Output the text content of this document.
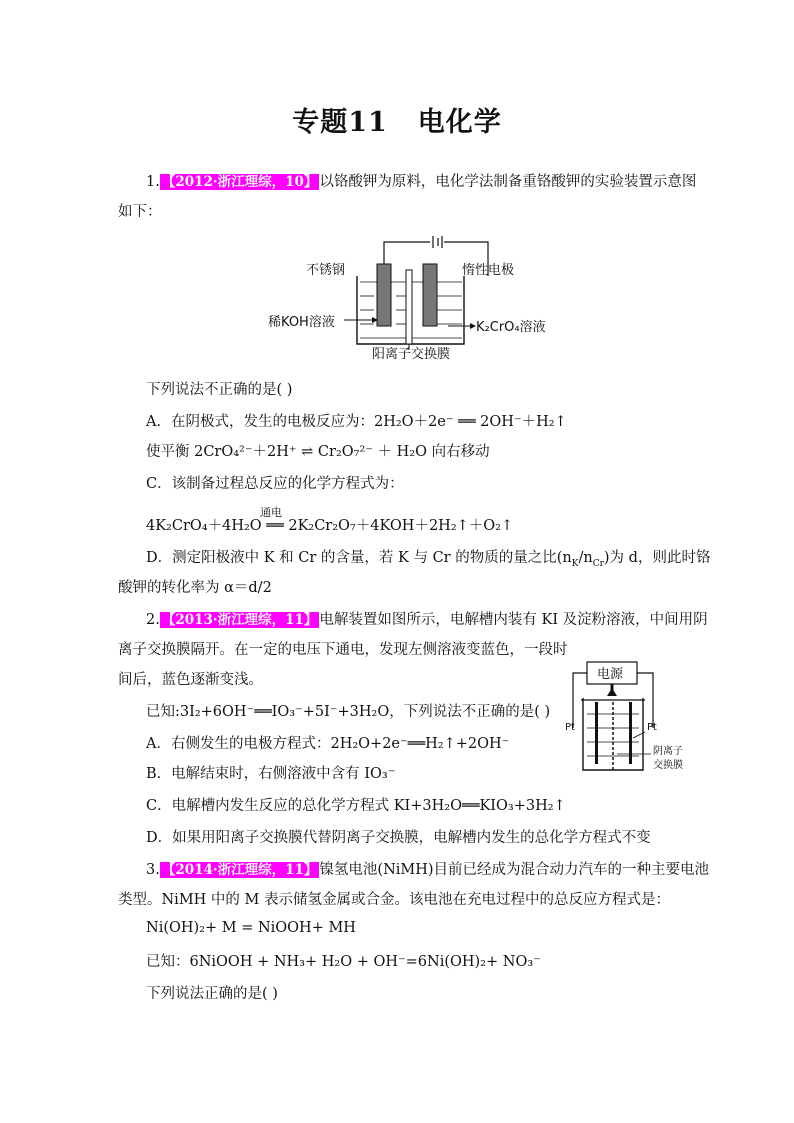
专题11 电化学
1. 【2012·浙江理综，10】 以铬酸钾为原料，电化学法制备重铬酸钾的实验装置示意图
如下：
不锈钢	惰性电极
稀KOH溶液	K₂CrO₄溶液
阳离子交换膜
下列说法不正确的是( )
A．在阴极式，发生的电极反应为：2H₂O＋2e⁻ ══ 2OH⁻＋H₂↑
使平衡 2CrO₄²⁻＋2H⁺ ⇌ Cr₂O₇²⁻ ＋ H₂O 向右移动
C．该制备过程总反应的化学方程式为：
通电
4K₂CrO₄＋4H₂O ══ 2K₂Cr₂O₇＋4KOH＋2H₂↑＋O₂↑
D．测定阳极液中 K 和 Cr 的含量，若 K 与 Cr 的物质的量之比$(n_K/n_{Cr})$为 d，则此时铬
酸钾的转化率为 α＝d/2
2. 【2013·浙江理综，11】 电解装置如图所示，电解槽内装有 KI 及淀粉溶液，中间用阴
离子交换膜隔开。在一定的电压下通电，发现左侧溶液变蓝色，一段时
间后，蓝色逐渐变浅。	电源
Pt	Pt
阴离子
交换膜
已知:3I₂+6OH⁻══IO₃⁻+5I⁻+3H₂O，下列说法不正确的是( )
A．右侧发生的电极方程式：2H₂O+2e⁻══H₂↑+2OH⁻
B．电解结束时，右侧溶液中含有 IO₃⁻
C．电解槽内发生反应的总化学方程式 KI+3H₂O══KIO₃+3H₂↑
D．如果用阳离子交换膜代替阴离子交换膜，电解槽内发生的总化学方程式不变
3. 【2014·浙江理综，11】 镍氢电池(NiMH)目前已经成为混合动力汽车的一种主要电池
类型。NiMH 中的 M 表示储氢金属或合金。该电池在充电过程中的总反应方程式是：
Ni(OH)₂+ M = NiOOH+ MH
已知：6NiOOH + NH₃+ H₂O + OH⁻=6Ni(OH)₂+ NO₃⁻
下列说法正确的是( )
